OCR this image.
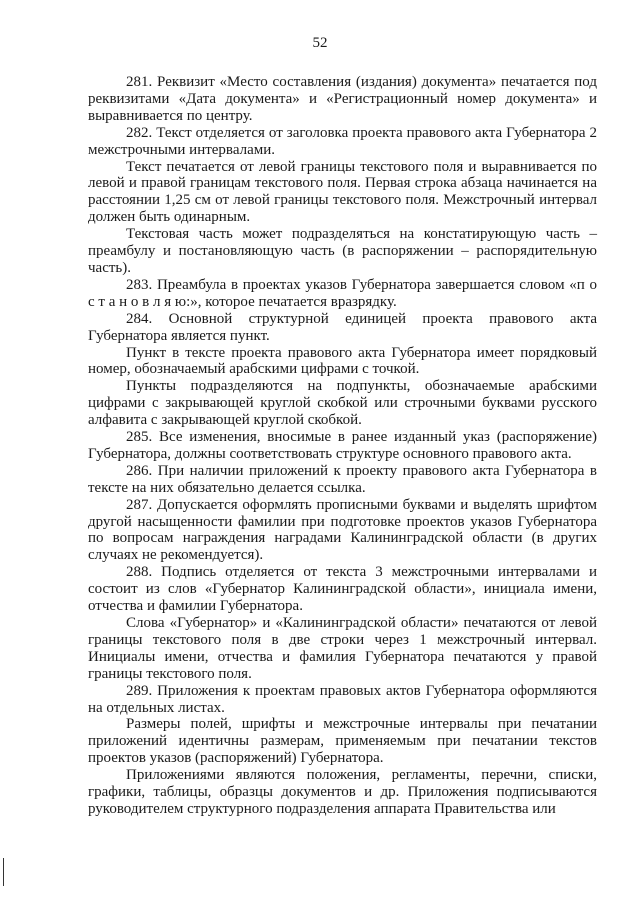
52

281. Реквизит «Место составления (издания) документа» печатается под реквизитами «Дата документа» и «Регистрационный номер документа» и выравнивается по центру.

282. Текст отделяется от заголовка проекта правового акта Губернатора 2 межстрочными интервалами.

Текст печатается от левой границы текстового поля и выравнивается по левой и правой границам текстового поля. Первая строка абзаца начинается на расстоянии 1,25 см от левой границы текстового поля. Межстрочный интервал должен быть одинарным.

Текстовая часть может подразделяться на констатирующую часть – преамбулу и постановляющую часть (в распоряжении – распорядительную часть).

283. Преамбула в проектах указов Губернатора завершается словом «п о с т а н о в л я ю:», которое печатается вразрядку.

284. Основной структурной единицей проекта правового акта Губернатора является пункт.

Пункт в тексте проекта правового акта Губернатора имеет порядковый номер, обозначаемый арабскими цифрами с точкой.

Пункты подразделяются на подпункты, обозначаемые арабскими цифрами с закрывающей круглой скобкой или строчными буквами русского алфавита с закрывающей круглой скобкой.

285. Все изменения, вносимые в ранее изданный указ (распоряжение) Губернатора, должны соответствовать структуре основного правового акта.

286. При наличии приложений к проекту правового акта Губернатора в тексте на них обязательно делается ссылка.

287. Допускается оформлять прописными буквами и выделять шрифтом другой насыщенности фамилии при подготовке проектов указов Губернатора по вопросам награждения наградами Калининградской области (в других случаях не рекомендуется).

288. Подпись отделяется от текста 3 межстрочными интервалами и состоит из слов «Губернатор Калининградской области», инициала имени, отчества и фамилии Губернатора.

Слова «Губернатор» и «Калининградской области» печатаются от левой границы текстового поля в две строки через 1 межстрочный интервал. Инициалы имени, отчества и фамилия Губернатора печатаются у правой границы текстового поля.

289. Приложения к проектам правовых актов Губернатора оформляются на отдельных листах.

Размеры полей, шрифты и межстрочные интервалы при печатании приложений идентичны размерам, применяемым при печатании текстов проектов указов (распоряжений) Губернатора.

Приложениями являются положения, регламенты, перечни, списки, графики, таблицы, образцы документов и др. Приложения подписываются руководителем структурного подразделения аппарата Правительства или
